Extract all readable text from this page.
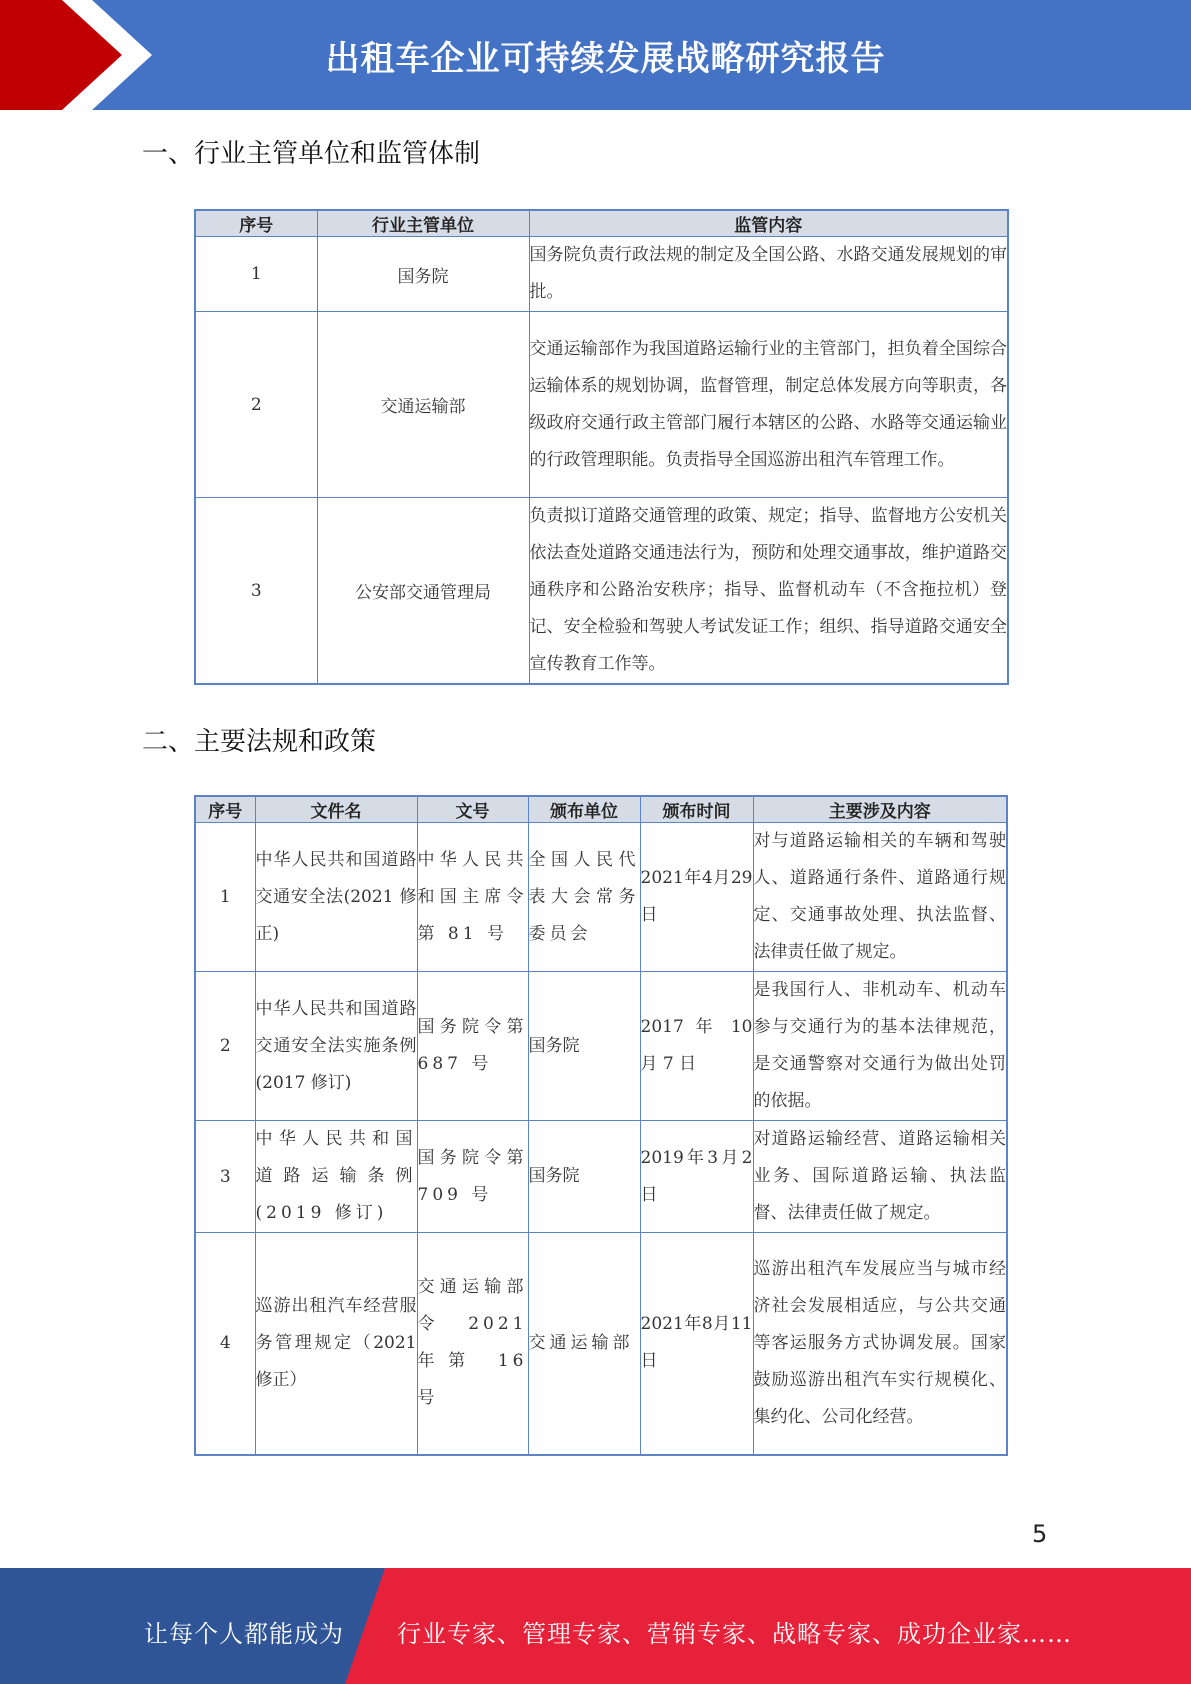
出租车企业可持续发展战略研究报告
一、行业主管单位和监管体制
序号	行业主管单位	监管内容
1	国务院	国务院负责行政法规的制定及全国公路、水路交通发展规划的审批。
2	交通运输部	交通运输部作为我国道路运输行业的主管部门，担负着全国综合运输体系的规划协调，监督管理，制定总体发展方向等职责，各级政府交通行政主管部门履行本辖区的公路、水路等交通运输业的行政管理职能。负责指导全国巡游出租汽车管理工作。
3	公安部交通管理局	负责拟订道路交通管理的政策、规定；指导、监督地方公安机关依法查处道路交通违法行为，预防和处理交通事故，维护道路交通秩序和公路治安秩序；指导、监督机动车（不含拖拉机）登记、安全检验和驾驶人考试发证工作；组织、指导道路交通安全宣传教育工作等。
二、主要法规和政策
序号	文件名	文号	颁布单位	颁布时间	主要涉及内容
1	中华人民共和国道路交通安全法(2021 修正)	中华人民共和国主席令第 81 号	全国人民代表大会常务委员会	2021年4月29日	对与道路运输相关的车辆和驾驶人、道路通行条件、道路通行规定、交通事故处理、执法监督、法律责任做了规定。
2	中华人民共和国道路交通安全法实施条例(2017 修订)	国务院令第 687 号	国务院	2017 年 10 月 7 日	是我国行人、非机动车、机动车参与交通行为的基本法律规范，是交通警察对交通行为做出处罚的依据。
3	中华人民共和国道路运输条例(2019 修订)	国务院令第 709 号	国务院	2019年3月2日	对道路运输经营、道路运输相关业务、国际道路运输、执法监督、法律责任做了规定。
4	巡游出租汽车经营服务管理规定（2021 修正）	交通运输部令 2021 年第 16 号	交通运输部	2021年8月11日	巡游出租汽车发展应当与城市经济社会发展相适应，与公共交通等客运服务方式协调发展。国家鼓励巡游出租汽车实行规模化、集约化、公司化经营。
5
让每个人都能成为 行业专家、管理专家、营销专家、战略专家、成功企业家……
